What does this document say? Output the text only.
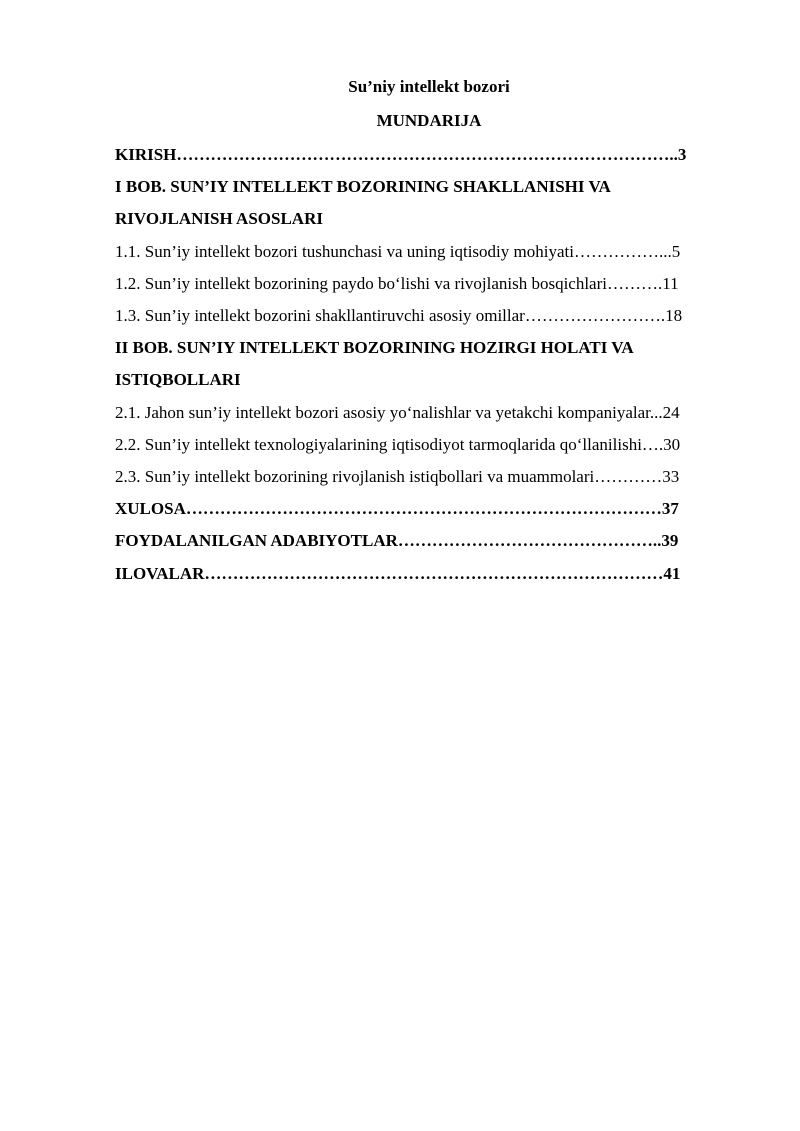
Su’niy intellekt bozori

MUNDARIJA

KIRISH……………………………………………………………………………..3

I BOB. SUN’IY INTELLEKT BOZORINING SHAKLLANISHI VA

RIVOJLANISH ASOSLARI

1.1. Sun’iy intellekt bozori tushunchasi va uning iqtisodiy mohiyati……………...5

1.2. Sun’iy intellekt bozorining paydo bo‘lishi va rivojlanish bosqichlari……….11

1.3. Sun’iy intellekt bozorini shakllantiruvchi asosiy omillar…………………….18

II BOB. SUN’IY INTELLEKT BOZORINING HOZIRGI HOLATI VA

ISTIQBOLLARI

2.1. Jahon sun’iy intellekt bozori asosiy yo‘nalishlar va yetakchi kompaniyalar...24

2.2. Sun’iy intellekt texnologiyalarining iqtisodiyot tarmoqlarida qo‘llanilishi….30

2.3. Sun’iy intellekt bozorining rivojlanish istiqbollari va muammolari…………33

XULOSA…………………………………………………………………………37

FOYDALANILGAN ADABIYOTLAR………………………………………..39

ILOVALAR………………………………………………………………………41
